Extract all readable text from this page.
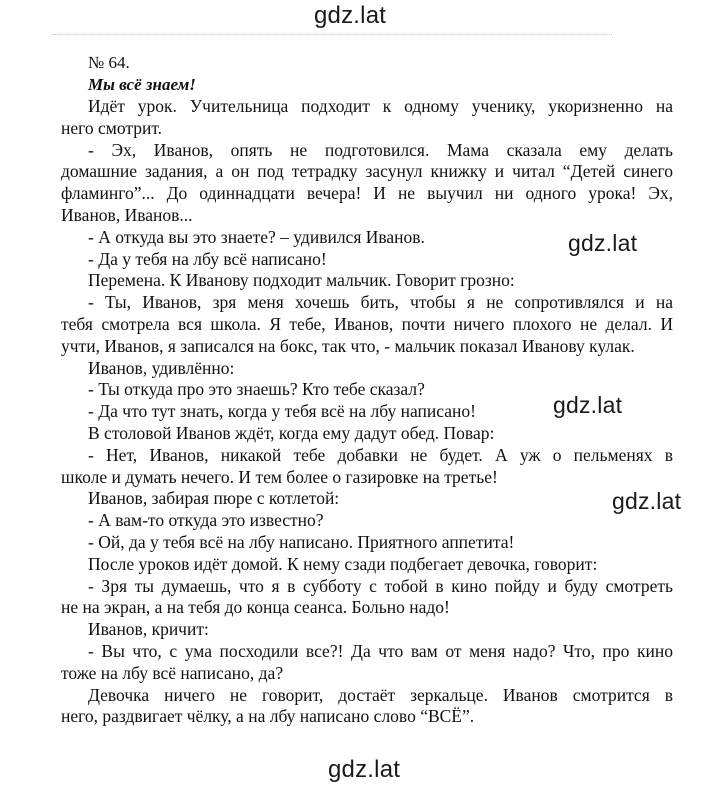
gdz.lat
№ 64.
Мы всё знаем!
Идёт урок. Учительница подходит к одному ученику, укоризненно на
него смотрит.
- Эх, Иванов, опять не подготовился. Мама сказала ему делать
домашние задания, а он под тетрадку засунул книжку и читал “Детей синего
фламинго”... До одиннадцати вечера! И не выучил ни одного урока! Эх,
Иванов, Иванов...
- А откуда вы это знаете? – удивился Иванов.
- Да у тебя на лбу всё написано!
Перемена. К Иванову подходит мальчик. Говорит грозно:
- Ты, Иванов, зря меня хочешь бить, чтобы я не сопротивлялся и на
тебя смотрела вся школа. Я тебе, Иванов, почти ничего плохого не делал. И
учти, Иванов, я записался на бокс, так что, - мальчик показал Иванову кулак.
Иванов, удивлённо:
- Ты откуда про это знаешь? Кто тебе сказал?
- Да что тут знать, когда у тебя всё на лбу написано!
В столовой Иванов ждёт, когда ему дадут обед. Повар:
- Нет, Иванов, никакой тебе добавки не будет. А уж о пельменях в
школе и думать нечего. И тем более о газировке на третье!
Иванов, забирая пюре с котлетой:
- А вам-то откуда это известно?
- Ой, да у тебя всё на лбу написано. Приятного аппетита!
После уроков идёт домой. К нему сзади подбегает девочка, говорит:
- Зря ты думаешь, что я в субботу с тобой в кино пойду и буду смотреть
не на экран, а на тебя до конца сеанса. Больно надо!
Иванов, кричит:
- Вы что, с ума посходили все?! Да что вам от меня надо? Что, про кино
тоже на лбу всё написано, да?
Девочка ничего не говорит, достаёт зеркальце. Иванов смотрится в
него, раздвигает чёлку, а на лбу написано слово “ВСЁ”.
gdz.lat
gdz.lat
gdz.lat
gdz.lat
